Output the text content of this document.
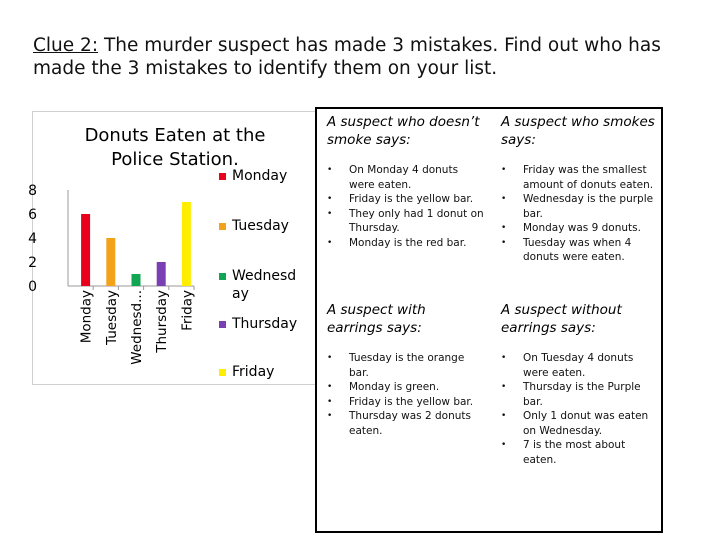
Clue 2: The murder suspect has made 3 mistakes. Find out who has made the 3 mistakes to identify them on your list.
Donuts Eaten at the Police Station.
0
2
4
6
8
Monday Tuesday Wednesd... Thursday Friday
Monday
Tuesday
Wednesd ay
Thursday
Friday
A suspect who doesn’t smoke says:
• On Monday 4 donuts were eaten.
• Friday is the yellow bar.
• They only had 1 donut on Thursday.
• Monday is the red bar.
A suspect who smokes says:
• Friday was the smallest amount of donuts eaten.
• Wednesday is the purple bar.
• Monday was 9 donuts.
• Tuesday was when 4 donuts were eaten.
A suspect with earrings says:
• Tuesday is the orange bar.
• Monday is green.
• Friday is the yellow bar.
• Thursday was 2 donuts eaten.
A suspect without earrings says:
• On Tuesday 4 donuts were eaten.
• Thursday is the Purple bar.
• Only 1 donut was eaten on Wednesday.
• 7 is the most about eaten.
